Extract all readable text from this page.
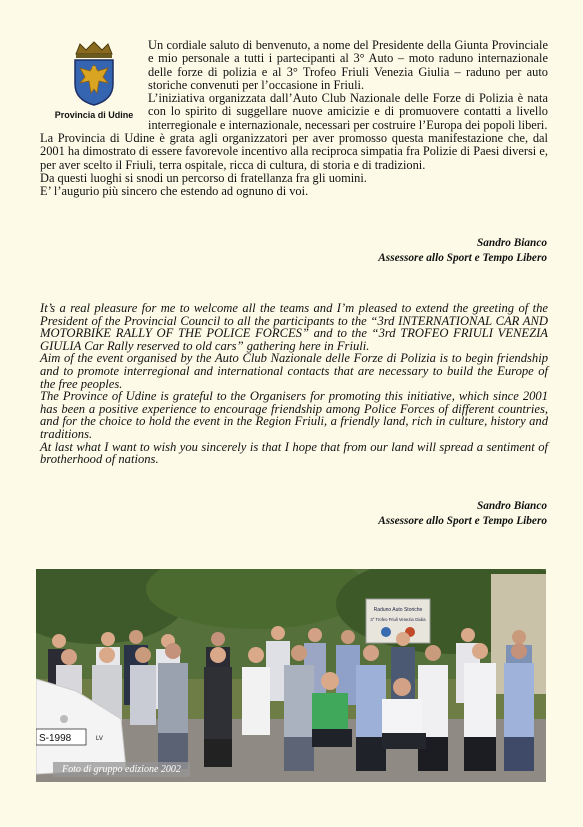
Provincia di Udine

Un cordiale saluto di benvenuto, a nome del Presidente della Giunta Provinciale e mio personale a tutti i partecipanti al 3° Auto – moto raduno internazionale delle forze di polizia e al 3° Trofeo Friuli Venezia Giulia – raduno per auto storiche convenuti per l’occasione in Friuli.

L’iniziativa organizzata dall’Auto Club Nazionale delle Forze di Polizia è nata con lo spirito di suggellare nuove amicizie e di promuovere contatti a livello interregionale e internazionale, necessari per costruire l’Europa dei popoli liberi.

La Provincia di Udine è grata agli organizzatori per aver promosso questa manifestazione che, dal 2001 ha dimostrato di essere favorevole incentivo alla reciproca simpatia fra Polizie di Paesi diversi e, per aver scelto il Friuli, terra ospitale, ricca di cultura, di storia e di tradizioni.

Da questi luoghi si snodi un percorso di fratellanza fra gli uomini.

E’ l’augurio più sincero che estendo ad ognuno di voi.

Sandro Bianco
Assessore allo Sport e Tempo Libero

It’s a real pleasure for me to welcome all the teams and I’m pleased to extend the greeting of the President of the Provincial Council to all the participants to the “3rd INTERNATIONAL CAR AND MOTORBIKE RALLY OF THE POLICE FORCES” and to the “3rd TROFEO FRIULI VENEZIA GIULIA Car Rally reserved to old cars” gathering here in Friuli.

Aim of the event organised by the Auto Club Nazionale delle Forze di Polizia is to begin friendship and to promote interregional and international contacts that are necessary to build the Europe of the free peoples.

The Province of Udine is grateful to the Organisers for promoting this initiative, which since 2001 has been a positive experience to encourage friendship among Police Forces of different countries, and for the choice to hold the event in the Region Friuli, a friendly land, rich in culture, history and traditions.

At last what I want to wish you sincerely is that I hope that from our land will spread a sentiment of brotherhood of nations.

Sandro Bianco
Assessore allo Sport e Tempo Libero
Raduno Auto Storiche
3° Trofeo Friuli Venezia Giulia
S-1998	LV
Foto di gruppo edizione 2002
